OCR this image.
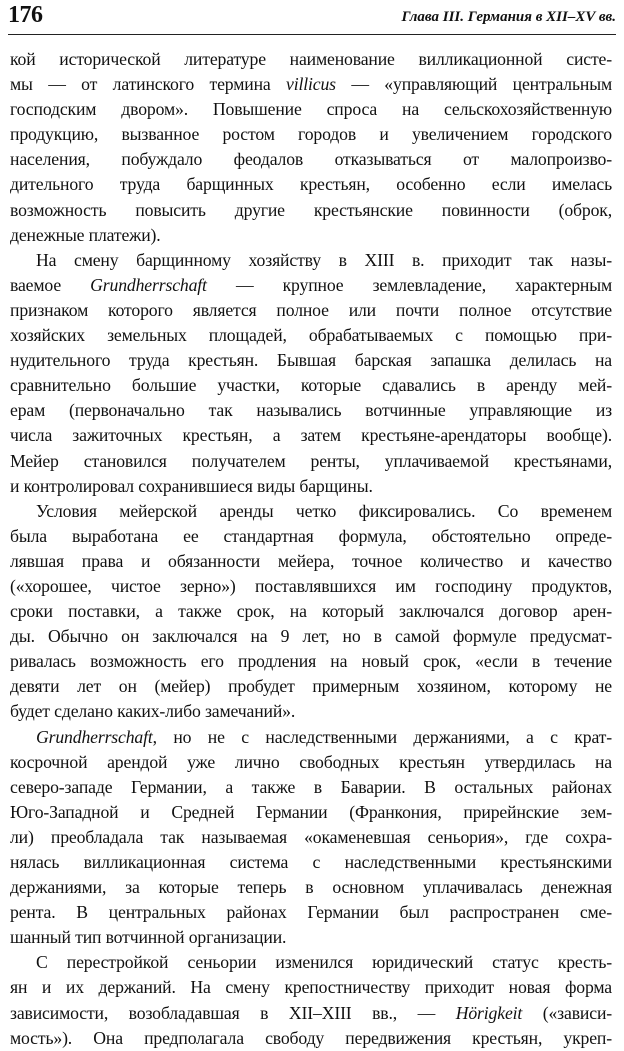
176	Глава III. Германия в XII–XV вв.
кой исторической литературе наименование вилликационной систе-
мы — от латинского термина villicus — «управляющий центральным
господским двором». Повышение спроса на сельскохозяйственную
продукцию, вызванное ростом городов и увеличением городского
населения, побуждало феодалов отказываться от малопроизво-
дительного труда барщинных крестьян, особенно если имелась
возможность повысить другие крестьянские повинности (оброк,
денежные платежи).
На смену барщинному хозяйству в XIII в. приходит так назы-
ваемое Grundherrschaft — крупное землевладение, характерным
признаком которого является полное или почти полное отсутствие
хозяйских земельных площадей, обрабатываемых с помощью при-
нудительного труда крестьян. Бывшая барская запашка делилась на
сравнительно большие участки, которые сдавались в аренду мей-
ерам (первоначально так назывались вотчинные управляющие из
числа зажиточных крестьян, а затем крестьяне-арендаторы вообще).
Мейер становился получателем ренты, уплачиваемой крестьянами,
и контролировал сохранившиеся виды барщины.
Условия мейерской аренды четко фиксировались. Со временем
была выработана ее стандартная формула, обстоятельно опреде-
лявшая права и обязанности мейера, точное количество и качество
(«хорошее, чистое зерно») поставлявшихся им господину продуктов,
сроки поставки, а также срок, на который заключался договор арен-
ды. Обычно он заключался на 9 лет, но в самой формуле предусмат-
ривалась возможность его продления на новый срок, «если в течение
девяти лет он (мейер) пробудет примерным хозяином, которому не
будет сделано каких-либо замечаний».
Grundherrschaft, но не с наследственными держаниями, а с крат-
косрочной арендой уже лично свободных крестьян утвердилась на
северо-западе Германии, а также в Баварии. В остальных районах
Юго-Западной и Средней Германии (Франкония, прирейнские зем-
ли) преобладала так называемая «окаменевшая сеньория», где сохра-
нялась вилликационная система с наследственными крестьянскими
держаниями, за которые теперь в основном уплачивалась денежная
рента. В центральных районах Германии был распространен сме-
шанный тип вотчинной организации.
С перестройкой сеньории изменился юридический статус кресть-
ян и их держаний. На смену крепостничеству приходит новая форма
зависимости, возобладавшая в XII–XIII вв., — Hörigkeit («зависи-
мость»). Она предполагала свободу передвижения крестьян, укреп-
